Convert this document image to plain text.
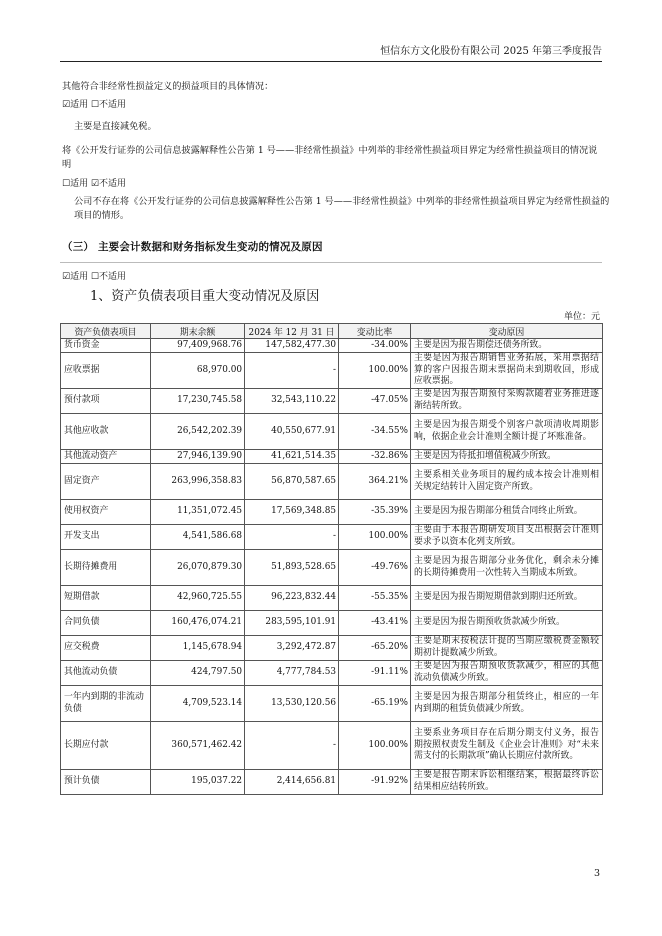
恒信东方文化股份有限公司 2025 年第三季度报告
其他符合非经常性损益定义的损益项目的具体情况：
☑适用 ☐不适用
主要是直接减免税。
将《公开发行证券的公司信息披露解释性公告第 1 号——非经常性损益》中列举的非经常性损益项目界定为经常性损益项目的情况说明
☐适用 ☑不适用
公司不存在将《公开发行证券的公司信息披露解释性公告第 1 号——非经常性损益》中列举的非经常性损益项目界定为经常性损益的项目的情形。
（三） 主要会计数据和财务指标发生变动的情况及原因
☑适用 ☐不适用
1、资产负债表项目重大变动情况及原因
单位：元
资产负债表项目	期末余额	2024 年 12 月 31 日	变动比率	变动原因
货币资金	97,409,968.76	147,582,477.30	-34.00%	主要是因为报告期偿还债务所致。
应收票据	68,970.00	-	100.00%	主要是因为报告期销售业务拓展，采用票据结算的客户因报告期末票据尚未到期收回，形成应收票据。
预付款项	17,230,745.58	32,543,110.22	-47.05%	主要是因为报告期预付采购款随着业务推进逐渐结转所致。
其他应收款	26,542,202.39	40,550,677.91	-34.55%	主要是因为报告期受个别客户款项清收周期影响，依据企业会计准则全额计提了坏账准备。
其他流动资产	27,946,139.90	41,621,514.35	-32.86%	主要是因为待抵扣增值税减少所致。
固定资产	263,996,358.83	56,870,587.65	364.21%	主要系相关业务项目的履约成本按会计准则相关规定结转计入固定资产所致。
使用权资产	11,351,072.45	17,569,348.85	-35.39%	主要是因为报告期部分租赁合同终止所致。
开发支出	4,541,586.68	-	100.00%	主要由于本报告期研发项目支出根据会计准则要求予以资本化列支所致。
长期待摊费用	26,070,879.30	51,893,528.65	-49.76%	主要是因为报告期部分业务优化，剩余未分摊的长期待摊费用一次性转入当期成本所致。
短期借款	42,960,725.55	96,223,832.44	-55.35%	主要是因为报告期短期借款到期归还所致。
合同负债	160,476,074.21	283,595,101.91	-43.41%	主要是因为报告期预收货款减少所致。
应交税费	1,145,678.94	3,292,472.87	-65.20%	主要是期末按税法计提的当期应缴税费金额较期初计提数减少所致。
其他流动负债	424,797.50	4,777,784.53	-91.11%	主要是因为报告期预收货款减少，相应的其他流动负债减少所致。
一年内到期的非流动负债	4,709,523.14	13,530,120.56	-65.19%	主要是因为报告期部分租赁终止，相应的一年内到期的租赁负债减少所致。
长期应付款	360,571,462.42	-	100.00%	主要系业务项目存在后期分期支付义务，报告期按照权责发生制及《企业会计准则》对“未来需支付的长期款项”确认长期应付款所致。
预计负债	195,037.22	2,414,656.81	-91.92%	主要是报告期末诉讼相继结案，根据最终诉讼结果相应结转所致。
3
